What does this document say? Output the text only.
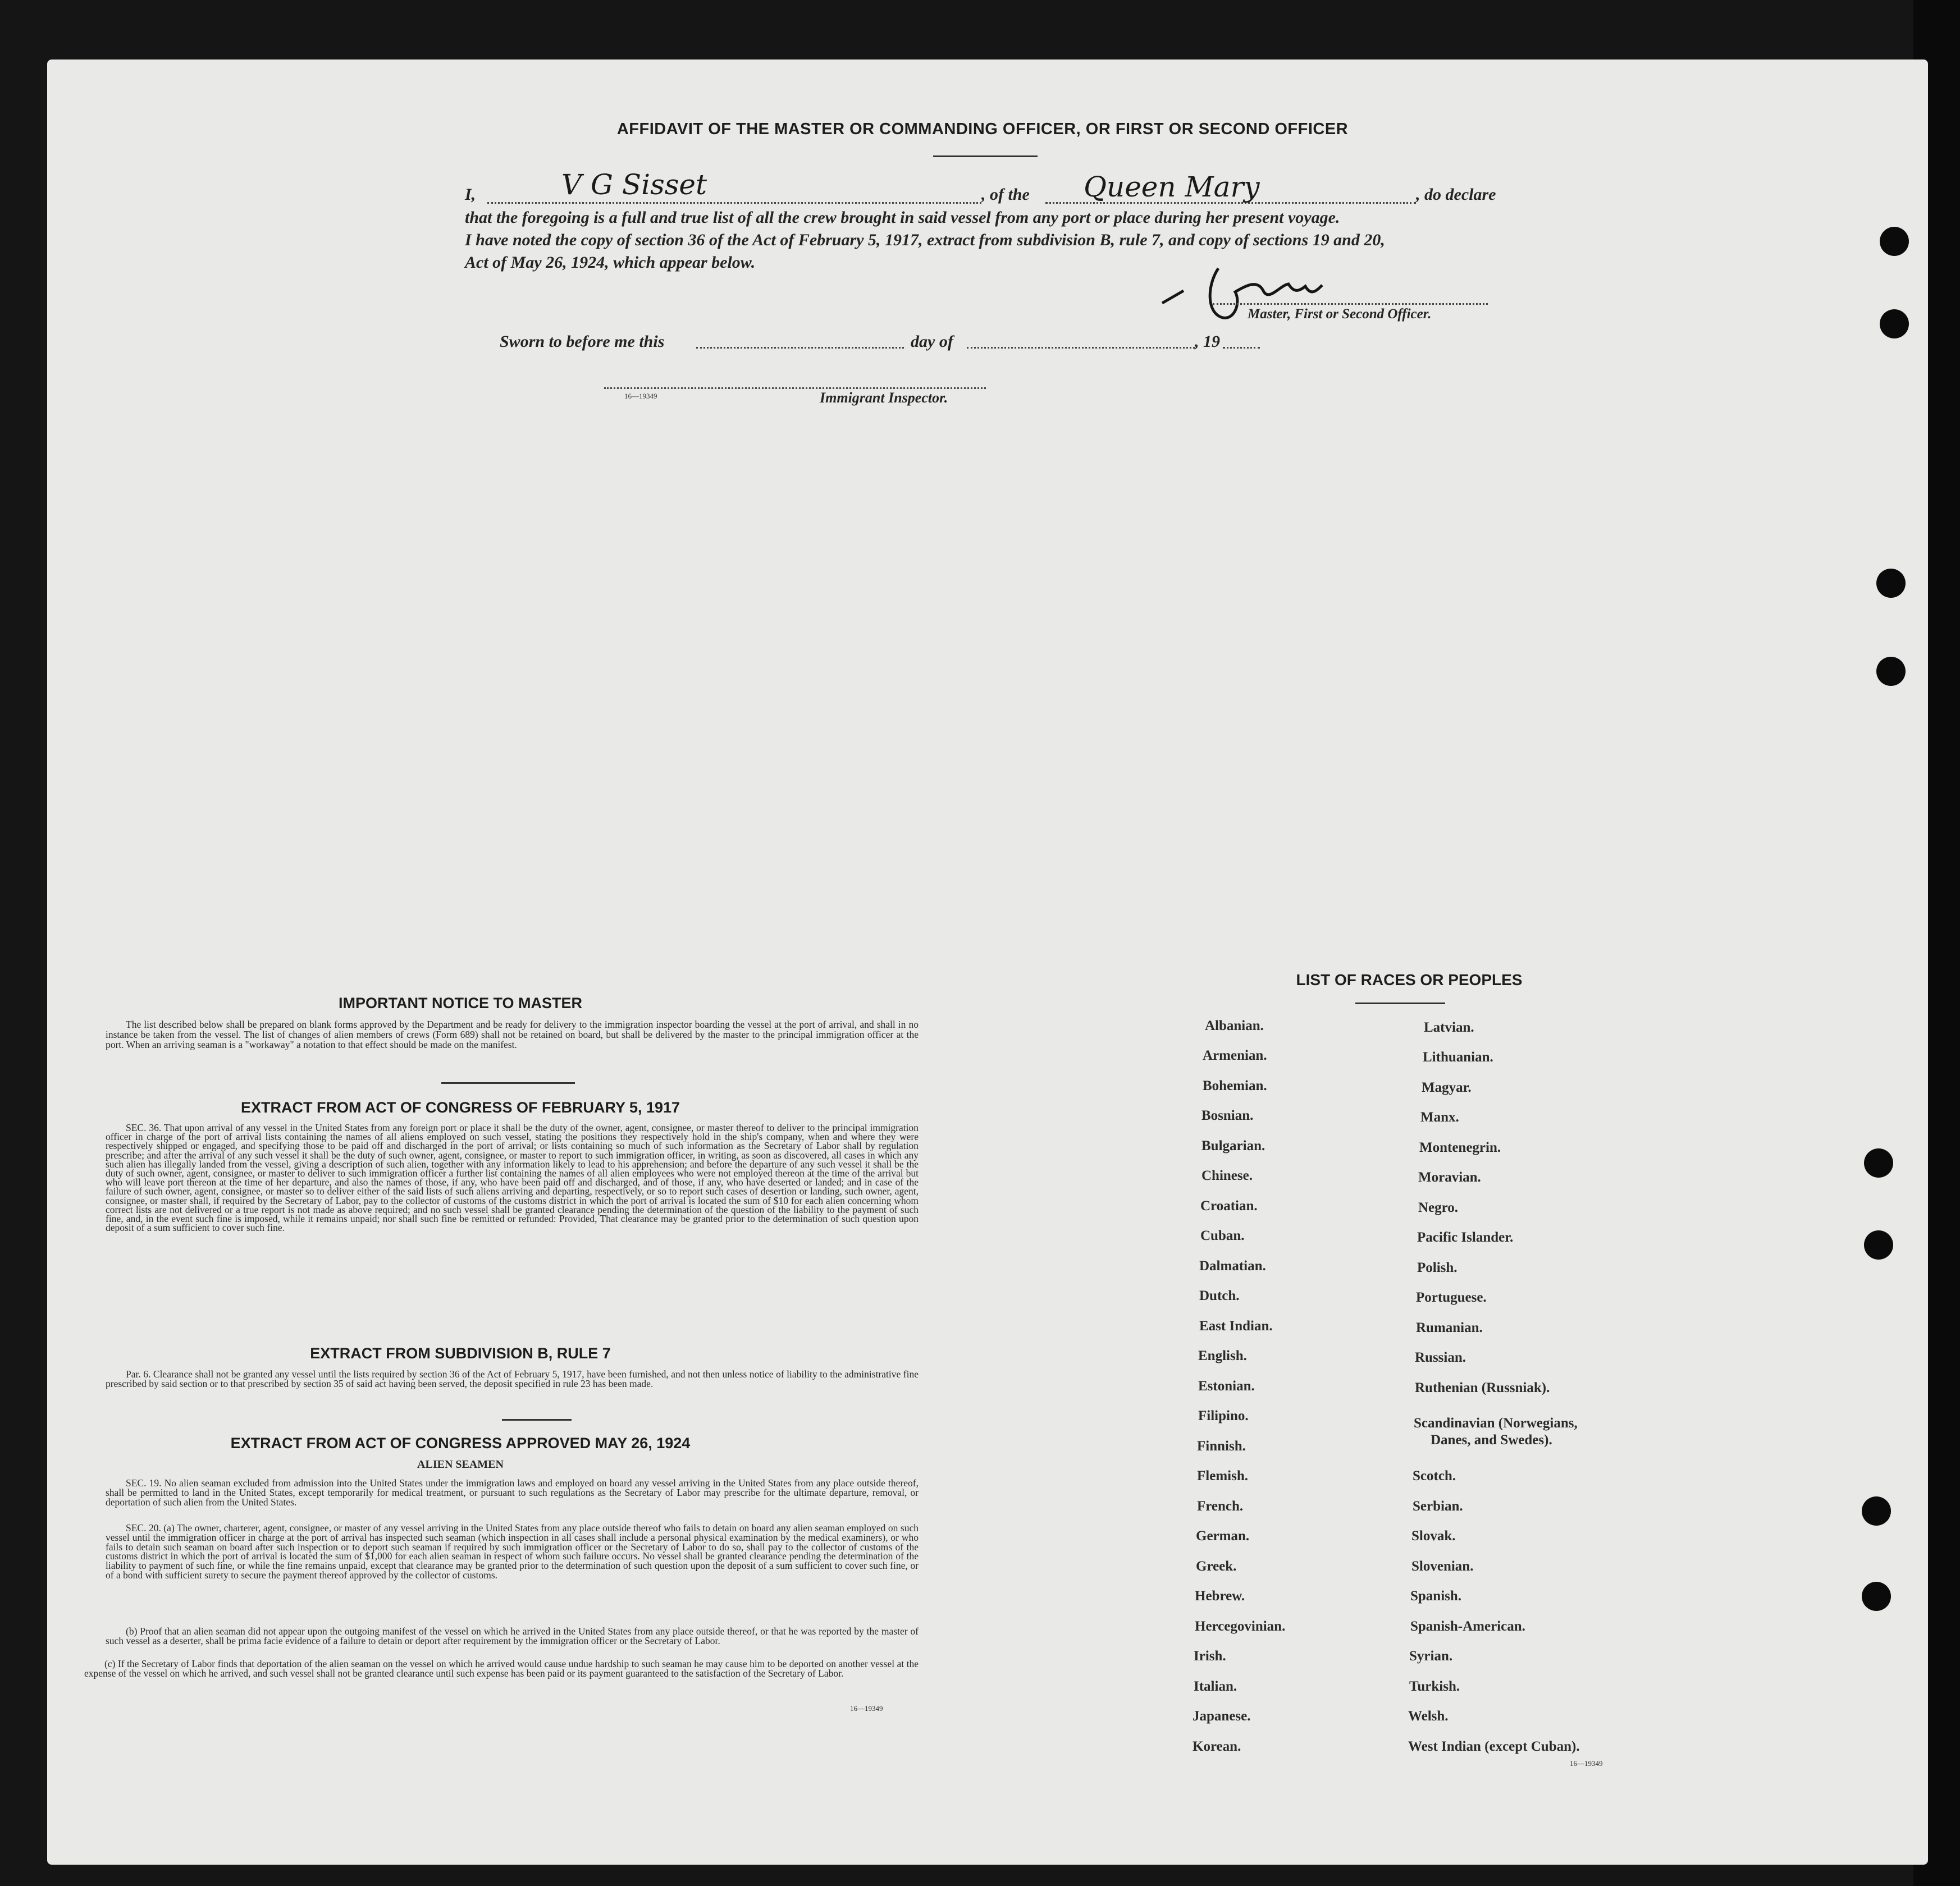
AFFIDAVIT OF THE MASTER OR COMMANDING OFFICER, OR FIRST OR SECOND OFFICER
I,	V G Sisset	, of the Queen Mary	, do declare
that the foregoing is a full and true list of all the crew brought in said vessel from any port or place during her present voyage.
I have noted the copy of section 36 of the Act of February 5, 1917, extract from subdivision B, rule 7, and copy of sections 19 and 20,
Act of May 26, 1924, which appear below.
Master, First or Second Officer.
Sworn to before me this	day of	, 19
16—19349	Immigrant Inspector.
IMPORTANT NOTICE TO MASTER
The list described below shall be prepared on blank forms approved by the Department and be ready for delivery to the immigration inspector boarding the vessel at the port of arrival, and shall in no instance be taken from the vessel. The list of changes of alien members of crews (Form 689) shall not be retained on board, but shall be delivered by the master to the principal immigration officer at the port. When an arriving seaman is a "workaway" a notation to that effect should be made on the manifest.
EXTRACT FROM ACT OF CONGRESS OF FEBRUARY 5, 1917
SEC. 36. That upon arrival of any vessel in the United States from any foreign port or place it shall be the duty of the owner, agent, consignee, or master thereof to deliver to the principal immigration officer in charge of the port of arrival lists containing the names of all aliens employed on such vessel, stating the positions they respectively hold in the ship's company, when and where they were respectively shipped or engaged, and specifying those to be paid off and discharged in the port of arrival; or lists containing so much of such information as the Secretary of Labor shall by regulation prescribe; and after the arrival of any such vessel it shall be the duty of such owner, agent, consignee, or master to report to such immigration officer, in writing, as soon as discovered, all cases in which any such alien has illegally landed from the vessel, giving a description of such alien, together with any information likely to lead to his apprehension; and before the departure of any such vessel it shall be the duty of such owner, agent, consignee, or master to deliver to such immigration officer a further list containing the names of all alien employees who were not employed thereon at the time of the arrival but who will leave port thereon at the time of her departure, and also the names of those, if any, who have been paid off and discharged, and of those, if any, who have deserted or landed; and in case of the failure of such owner, agent, consignee, or master so to deliver either of the said lists of such aliens arriving and departing, respectively, or so to report such cases of desertion or landing, such owner, agent, consignee, or master shall, if required by the Secretary of Labor, pay to the collector of customs of the customs district in which the port of arrival is located the sum of $10 for each alien concerning whom correct lists are not delivered or a true report is not made as above required; and no such vessel shall be granted clearance pending the determination of the question of the liability to the payment of such fine, and, in the event such fine is imposed, while it remains unpaid; nor shall such fine be remitted or refunded: Provided, That clearance may be granted prior to the determination of such question upon deposit of a sum sufficient to cover such fine.
EXTRACT FROM SUBDIVISION B, RULE 7
Par. 6. Clearance shall not be granted any vessel until the lists required by section 36 of the Act of February 5, 1917, have been furnished, and not then unless notice of liability to the administrative fine prescribed by said section or to that prescribed by section 35 of said act having been served, the deposit specified in rule 23 has been made.
EXTRACT FROM ACT OF CONGRESS APPROVED MAY 26, 1924
ALIEN SEAMEN
SEC. 19. No alien seaman excluded from admission into the United States under the immigration laws and employed on board any vessel arriving in the United States from any place outside thereof, shall be permitted to land in the United States, except temporarily for medical treatment, or pursuant to such regulations as the Secretary of Labor may prescribe for the ultimate departure, removal, or deportation of such alien from the United States.
SEC. 20. (a) The owner, charterer, agent, consignee, or master of any vessel arriving in the United States from any place outside thereof who fails to detain on board any alien seaman employed on such vessel until the immigration officer in charge at the port of arrival has inspected such seaman (which inspection in all cases shall include a personal physical examination by the medical examiners), or who fails to detain such seaman on board after such inspection or to deport such seaman if required by such immigration officer or the Secretary of Labor to do so, shall pay to the collector of customs of the customs district in which the port of arrival is located the sum of $1,000 for each alien seaman in respect of whom such failure occurs. No vessel shall be granted clearance pending the determination of the liability to payment of such fine, or while the fine remains unpaid, except that clearance may be granted prior to the determination of such question upon the deposit of a sum sufficient to cover such fine, or of a bond with sufficient surety to secure the payment thereof approved by the collector of customs.
(b) Proof that an alien seaman did not appear upon the outgoing manifest of the vessel on which he arrived in the United States from any place outside thereof, or that he was reported by the master of such vessel as a deserter, shall be prima facie evidence of a failure to detain or deport after requirement by the immigration officer or the Secretary of Labor.
(c) If the Secretary of Labor finds that deportation of the alien seaman on the vessel on which he arrived would cause undue hardship to such seaman he may cause him to be deported on another vessel at the expense of the vessel on which he arrived, and such vessel shall not be granted clearance until such expense has been paid or its payment guaranteed to the satisfaction of the Secretary of Labor.
16—19349
LIST OF RACES OR PEOPLES
Albanian.
Armenian.
Bohemian.
Bosnian.
Bulgarian.
Chinese.
Croatian.
Cuban.
Dalmatian.
Dutch.
East Indian.
English.
Estonian.
Filipino.
Finnish.
Flemish.
French.
German.
Greek.
Hebrew.
Hercegovinian.
Irish.
Italian.
Japanese.
Korean.
Latvian.
Lithuanian.
Magyar.
Manx.
Montenegrin.
Moravian.
Negro.
Pacific Islander.
Polish.
Portuguese.
Rumanian.
Russian.
Ruthenian (Russniak).
Scandinavian (Norwegians,
Danes, and Swedes).
Scotch.
Serbian.
Slovak.
Slovenian.
Spanish.
Spanish-American.
Syrian.
Turkish.
Welsh.
West Indian (except Cuban).
16—19349
